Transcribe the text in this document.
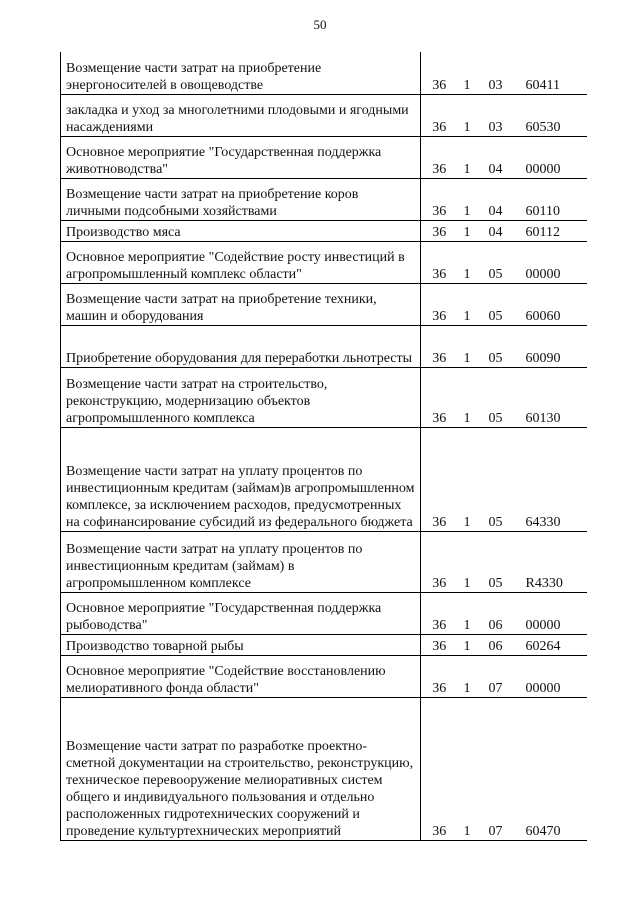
50
Возмещение части затрат на приобретение энергоносителей в овощеводстве	36	1	03	60411
закладка и уход за многолетними плодовыми и ягодными насаждениями	36	1	03	60530
Основное мероприятие "Государственная поддержка животноводства"	36	1	04	00000
Возмещение части затрат на приобретение коров личными подсобными хозяйствами	36	1	04	60110
Производство мяса	36	1	04	60112
Основное мероприятие "Содействие росту инвестиций в агропромышленный комплекс области"	36	1	05	00000
Возмещение части затрат на приобретение техники, машин и оборудования	36	1	05	60060
Приобретение оборудования для переработки льнотресты	36	1	05	60090
Возмещение части затрат на строительство, реконструкцию, модернизацию объектов агропромышленного комплекса	36	1	05	60130
Возмещение части затрат на уплату процентов по инвестиционным кредитам (займам)в агропромышленном комплексе, за исключением расходов, предусмотренных на софинансирование субсидий из федерального бюджета	36	1	05	64330
Возмещение части затрат на уплату процентов по инвестиционным кредитам (займам) в агропромышленном комплексе	36	1	05	R4330
Основное мероприятие "Государственная поддержка рыбоводства"	36	1	06	00000
Производство товарной рыбы	36	1	06	60264
Основное мероприятие "Содействие восстановлению мелиоративного фонда области"	36	1	07	00000
Возмещение части затрат по разработке проектно-сметной документации на строительство, реконструкцию, техническое перевооружение мелиоративных систем общего и индивидуального пользования и отдельно расположенных гидротехнических сооружений и проведение культуртехнических мероприятий	36	1	07	60470
